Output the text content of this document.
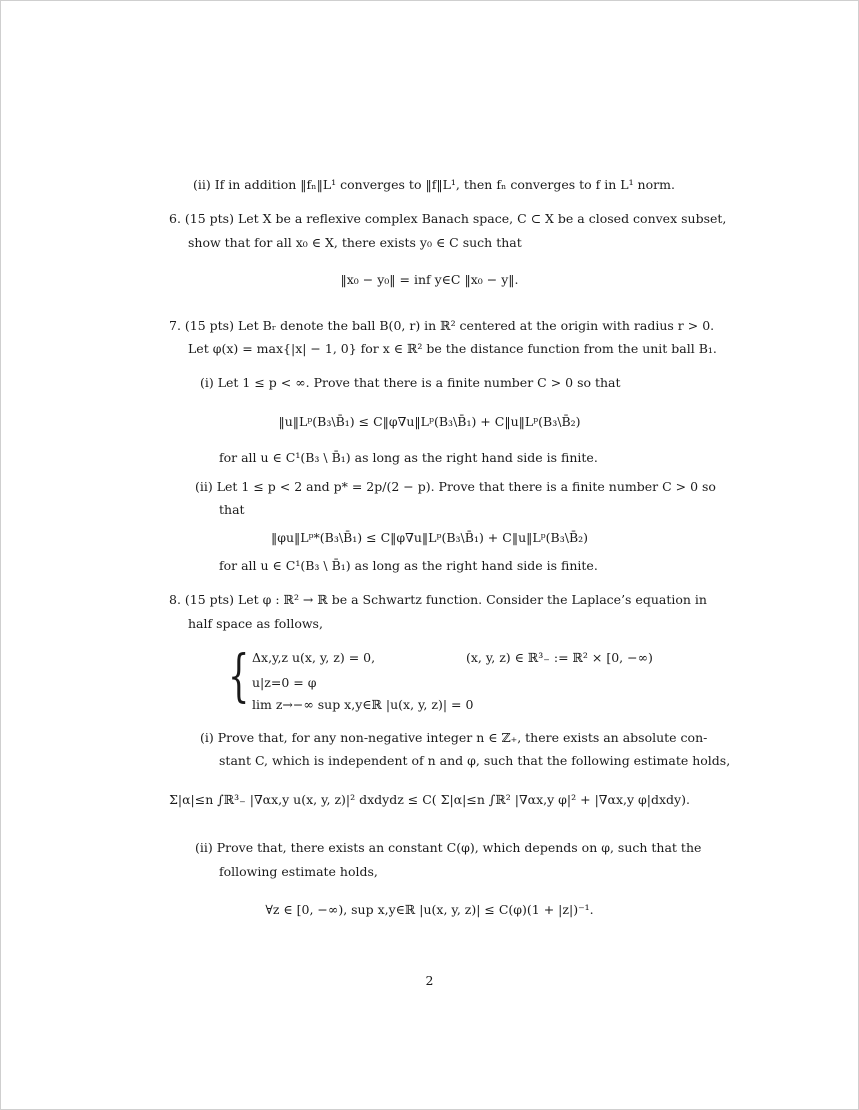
(ii) If in addition ‖fₙ‖L¹ converges to ‖f‖L¹, then fₙ converges to f in L¹ norm.
6. (15 pts) Let X be a reflexive complex Banach space, C ⊂ X be a closed convex subset,
show that for all x₀ ∈ X, there exists y₀ ∈ C such that
‖x₀ − y₀‖ = inf y∈C ‖x₀ − y‖.
7. (15 pts) Let Bᵣ denote the ball B(0, r) in ℝ² centered at the origin with radius r > 0.
Let φ(x) = max{|x| − 1, 0} for x ∈ ℝ² be the distance function from the unit ball B₁.
(i) Let 1 ≤ p < ∞. Prove that there is a finite number C > 0 so that
‖u‖Lᵖ(B₃\B̄₁) ≤ C‖φ∇u‖Lᵖ(B₃\B̄₁) + C‖u‖Lᵖ(B₃\B̄₂)
for all u ∈ C¹(B₃ \ B̄₁) as long as the right hand side is finite.
(ii) Let 1 ≤ p < 2 and p* = 2p/(2 − p). Prove that there is a finite number C > 0 so
that
‖φu‖Lᵖ*(B₃\B̄₁) ≤ C‖φ∇u‖Lᵖ(B₃\B̄₁) + C‖u‖Lᵖ(B₃\B̄₂)
for all u ∈ C¹(B₃ \ B̄₁) as long as the right hand side is finite.
8. (15 pts) Let φ : ℝ² → ℝ be a Schwartz function. Consider the Laplace’s equation in
half space as follows,
{ Δx,y,z u(x, y, z) = 0,	(x, y, z) ∈ ℝ³₋ := ℝ² × [0, −∞)
u|z=0 = φ
lim z→−∞ sup x,y∈ℝ |u(x, y, z)| = 0
(i) Prove that, for any non-negative integer n ∈ ℤ₊, there exists an absolute con-
stant C, which is independent of n and φ, such that the following estimate holds,
Σ|α|≤n ∫ℝ³₋ |∇αx,y u(x, y, z)|² dxdydz ≤ C( Σ|α|≤n ∫ℝ² |∇αx,y φ|² + |∇αx,y φ|dxdy).
(ii) Prove that, there exists an constant C(φ), which depends on φ, such that the
following estimate holds,
∀z ∈ [0, −∞), sup x,y∈ℝ |u(x, y, z)| ≤ C(φ)(1 + |z|)⁻¹.
2
